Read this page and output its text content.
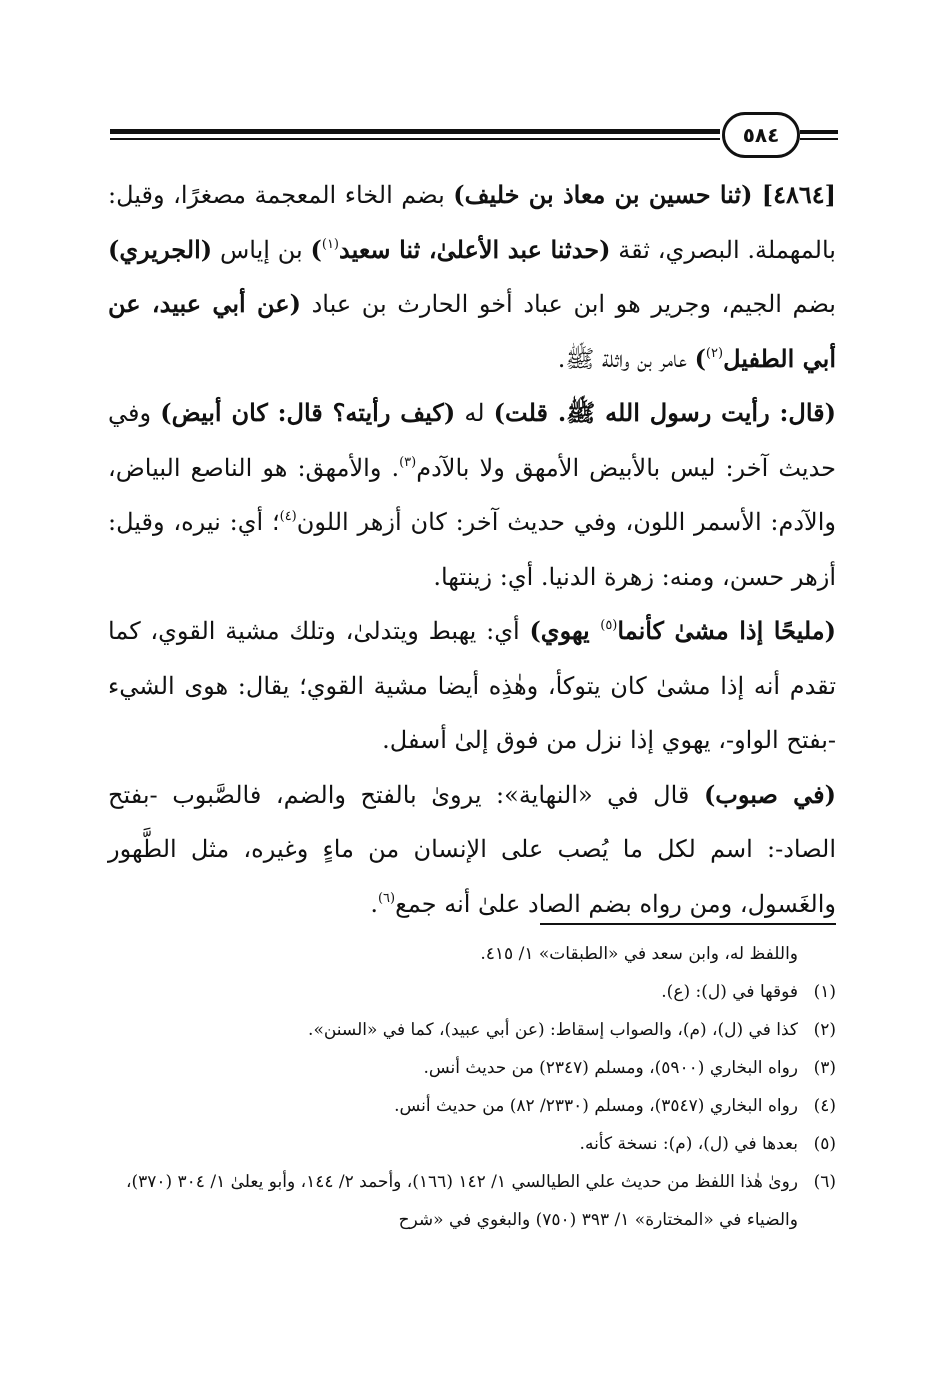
٥٨٤

[٤٨٦٤] (ثنا حسين بن معاذ بن خليف) بضم الخاء المعجمة مصغرًا، وقيل: بالمهملة. البصري، ثقة (حدثنا عبد الأعلىٰ، ثنا سعيد$^{(١)}$) بن إياس (الجريري) بضم الجيم، وجرير هو ابن عباد أخو الحارث بن عباد (عن أبي عبيد، عن أبي الطفيل$^{(٢)}$) عامر بن واثلة ﷺ.

(قال: رأيت رسول الله ﷺ. قلت) له (كيف رأيته؟ قال: كان أبيض) وفي حديث آخر: ليس بالأبيض الأمهق ولا بالآدم$^{(٣)}$. والأمهق: هو الناصع البياض، والآدم: الأسمر اللون، وفي حديث آخر: كان أزهر اللون$^{(٤)}$؛ أي: نيره، وقيل: أزهر حسن، ومنه: زهرة الدنيا. أي: زينتها.

(مليحًا إذا مشىٰ كأنما$^{(٥)}$ يهوي) أي: يهبط ويتدلىٰ، وتلك مشية القوي، كما تقدم أنه إذا مشىٰ كان يتوكأ، وهٰذِه أيضا مشية القوي؛ يقال: هوى الشيء -بفتح الواو-، يهوي إذا نزل من فوق إلىٰ أسفل.

(في صبوب) قال في «النهاية»: يروىٰ بالفتح والضم، فالصَّبوب -بفتح الصاد-: اسم لكل ما يُصب على الإنسان من ماءٍ وغيره، مثل الطَّهور والغَسول، ومن رواه بضم الصاد علىٰ أنه جمع$^{(٦)}$.

واللفظ له، وابن سعد في «الطبقات» ١/ ٤١٥.
(١)
فوقها في (ل): (ع).
(٢)
كذا في (ل)، (م)، والصواب إسقاط: (عن أبي عبيد)، كما في «السنن».
(٣)
رواه البخاري (٥٩٠٠)، ومسلم (٢٣٤٧) من حديث أنس.
(٤)
رواه البخاري (٣٥٤٧)، ومسلم (٢٣٣٠/ ٨٢) من حديث أنس.
(٥)
بعدها في (ل)، (م): نسخة كأنه.
(٦)
روىٰ هٰذا اللفظ من حديث علي الطيالسي ١/ ١٤٢ (١٦٦)، وأحمد ٢/ ١٤٤، وأبو يعلىٰ ١/ ٣٠٤ (٣٧٠)، والضياء في «المختارة» ١/ ٣٩٣ (٧٥٠) والبغوي في «شرح
